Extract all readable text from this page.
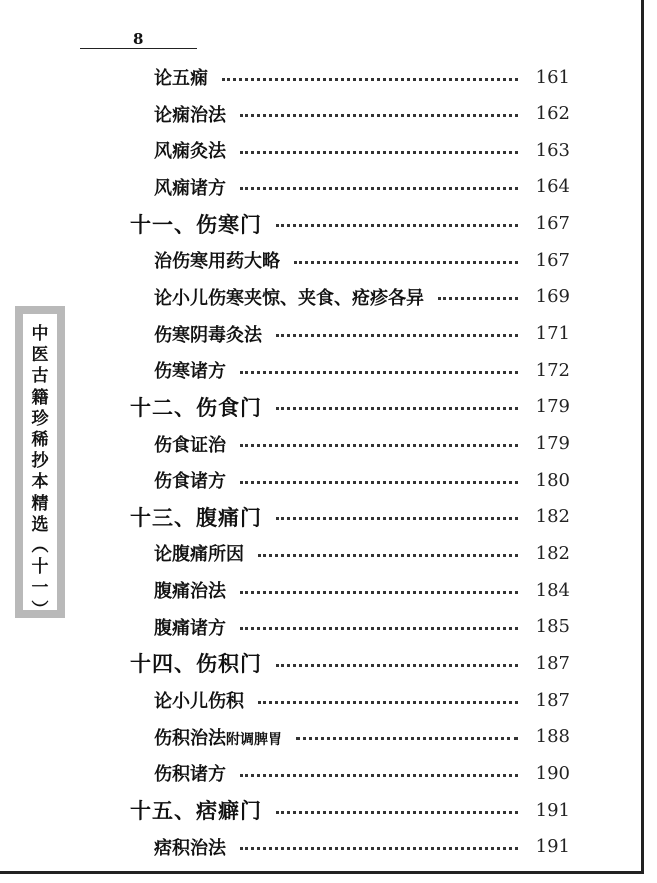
8
中
医
古
籍
珍
稀
抄
本
精
选
︵
十
一
︶
论五痫	161
论痫治法	162
风痫灸法	163
风痫诸方	164
十一、伤寒门	167
治伤寒用药大略	167
论小儿伤寒夹惊、夹食、疮疹各异	169
伤寒阴毒灸法	171
伤寒诸方	172
十二、伤食门	179
伤食证治	179
伤食诸方	180
十三、腹痛门	182
论腹痛所因	182
腹痛治法	184
腹痛诸方	185
十四、伤积门	187
论小儿伤积	187
伤积治法附调脾胃	188
伤积诸方	190
十五、痞癖门	191
痞积治法	191
